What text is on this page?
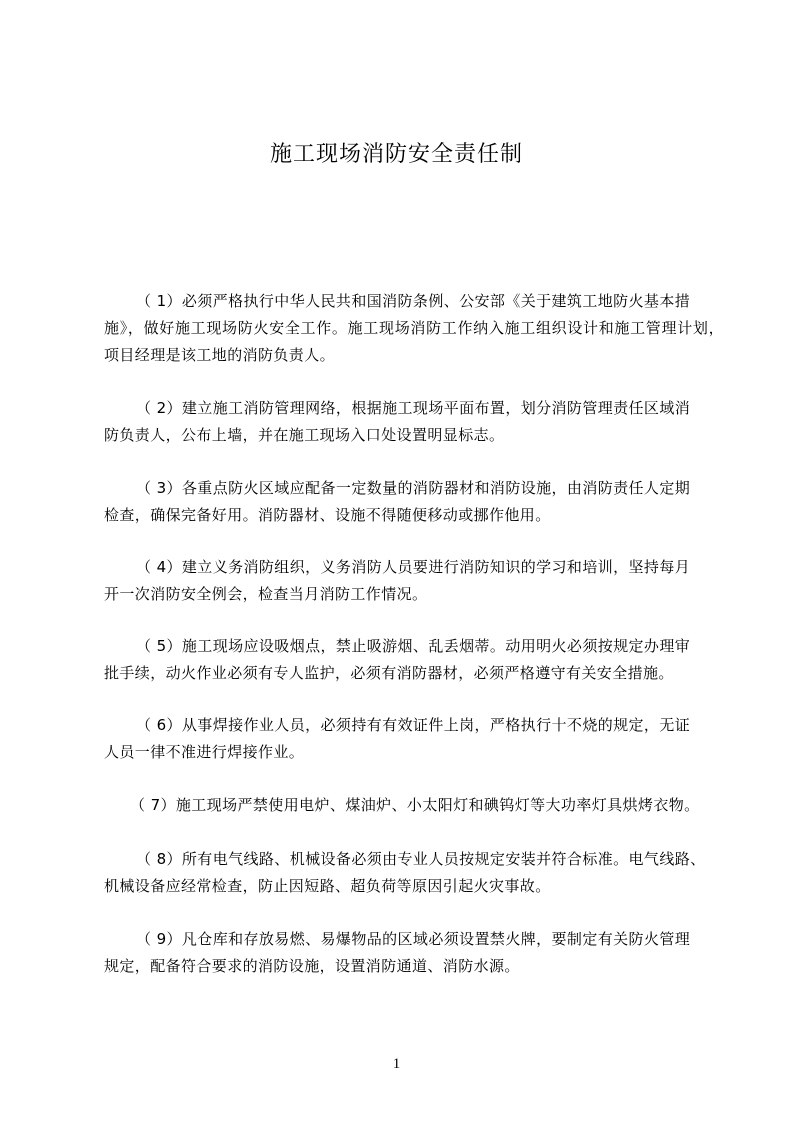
施工现场消防安全责任制

（ 1）必须严格执行中华人民共和国消防条例、公安部《关于建筑工地防火基本措
施》，做好施工现场防火安全工作。施工现场消防工作纳入施工组织设计和施工管理计划，项目经理是该工地的消防负责人。

（ 2）建立施工消防管理网络，根据施工现场平面布置，划分消防管理责任区域消
防负责人，公布上墙，并在施工现场入口处设置明显标志。

（ 3）各重点防火区域应配备一定数量的消防器材和消防设施，由消防责任人定期
检查，确保完备好用。消防器材、设施不得随便移动或挪作他用。

（ 4）建立义务消防组织，义务消防人员要进行消防知识的学习和培训，坚持每月
开一次消防安全例会，检查当月消防工作情况。

（ 5）施工现场应设吸烟点，禁止吸游烟、乱丢烟蒂。动用明火必须按规定办理审
批手续，动火作业必须有专人监护，必须有消防器材，必须严格遵守有关安全措施。

（ 6）从事焊接作业人员，必须持有有效证件上岗，严格执行十不烧的规定，无证
人员一律不准进行焊接作业。

（ 7）施工现场严禁使用电炉、煤油炉、小太阳灯和碘钨灯等大功率灯具烘烤衣物。

（ 8）所有电气线路、机械设备必须由专业人员按规定安装并符合标准。电气线路、
机械设备应经常检查，防止因短路、超负荷等原因引起火灾事故。

（ 9）凡仓库和存放易燃、易爆物品的区域必须设置禁火牌，要制定有关防火管理
规定，配备符合要求的消防设施，设置消防通道、消防水源。

1
